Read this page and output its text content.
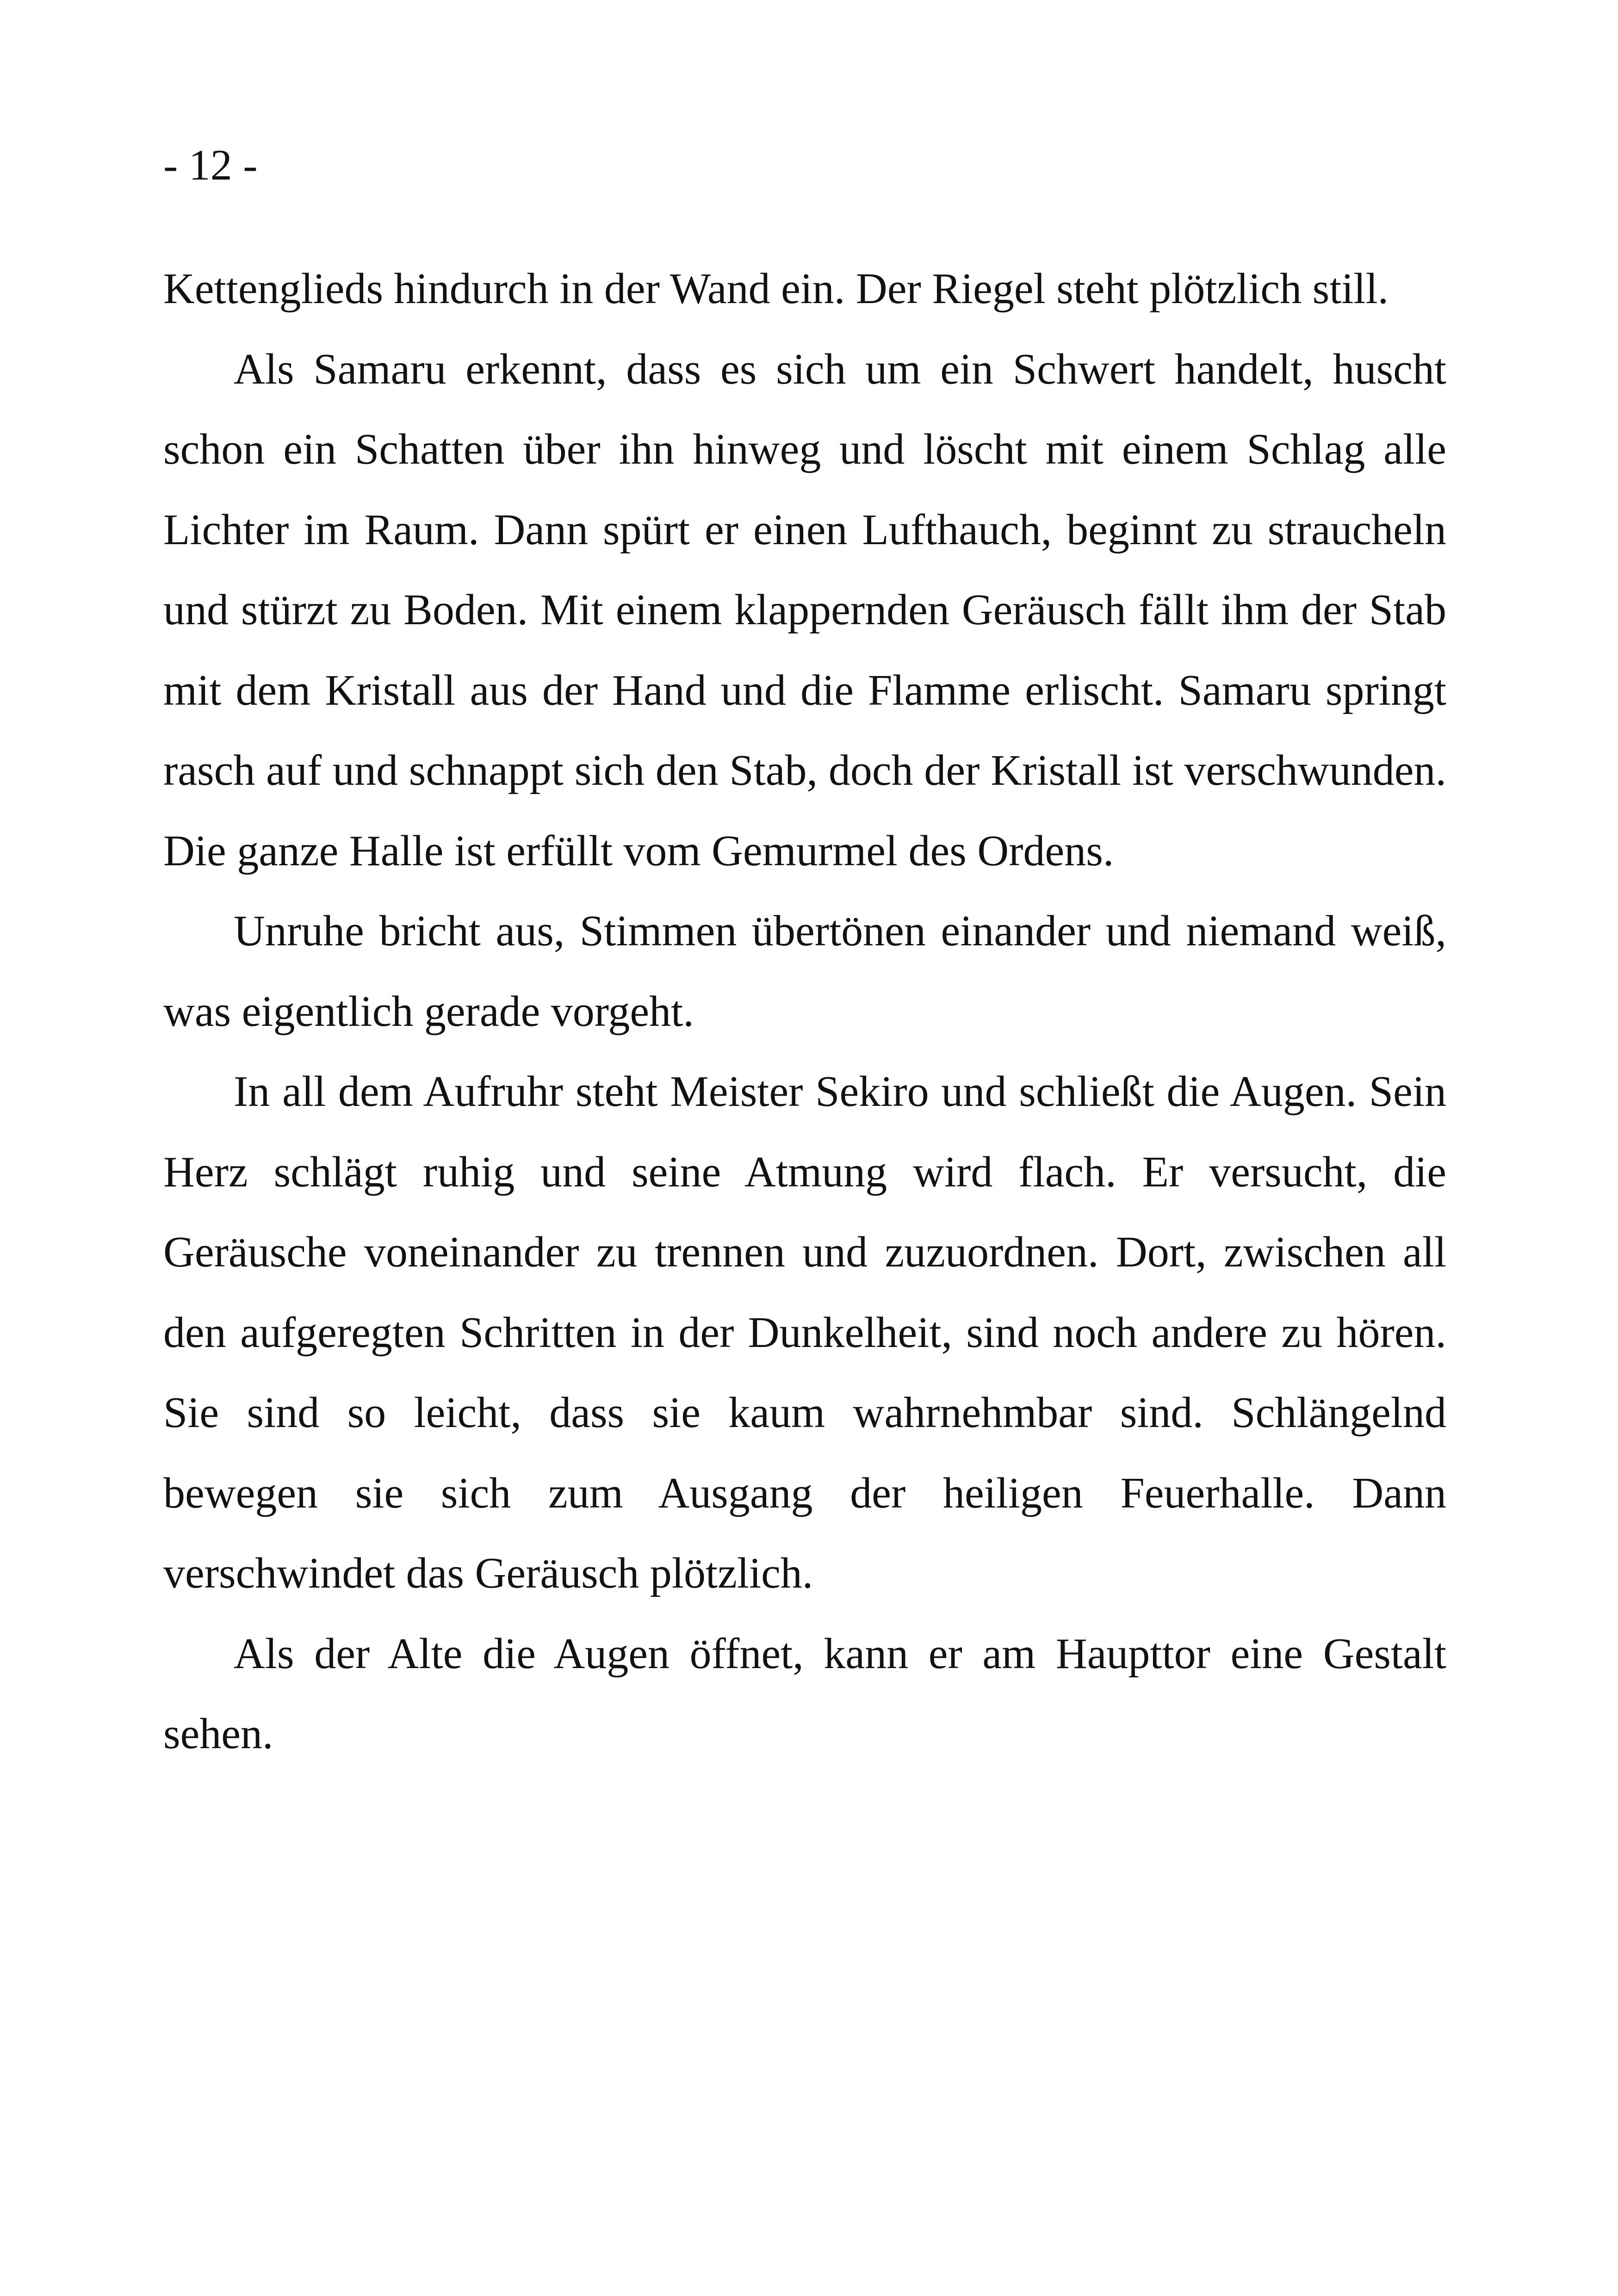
- 12 -

Kettenglieds hindurch in der Wand ein. Der Riegel steht plötzlich still.

Als Samaru erkennt, dass es sich um ein Schwert handelt, huscht schon ein Schatten über ihn hinweg und löscht mit einem Schlag alle Lichter im Raum. Dann spürt er einen Lufthauch, beginnt zu straucheln und stürzt zu Boden. Mit einem klappernden Geräusch fällt ihm der Stab mit dem Kristall aus der Hand und die Flamme erlischt. Samaru springt rasch auf und schnappt sich den Stab, doch der Kristall ist verschwunden. Die ganze Halle ist erfüllt vom Gemurmel des Ordens.

Unruhe bricht aus, Stimmen übertönen einander und niemand weiß, was eigentlich gerade vorgeht.

In all dem Aufruhr steht Meister Sekiro und schließt die Augen. Sein Herz schlägt ruhig und seine Atmung wird flach. Er versucht, die Geräusche voneinander zu trennen und zuzuordnen. Dort, zwischen all den aufgeregten Schritten in der Dunkelheit, sind noch andere zu hören. Sie sind so leicht, dass sie kaum wahrnehmbar sind. Schlängelnd bewegen sie sich zum Ausgang der heiligen Feuerhalle. Dann verschwindet das Geräusch plötzlich.

Als der Alte die Augen öffnet, kann er am Haupttor eine Gestalt sehen.
